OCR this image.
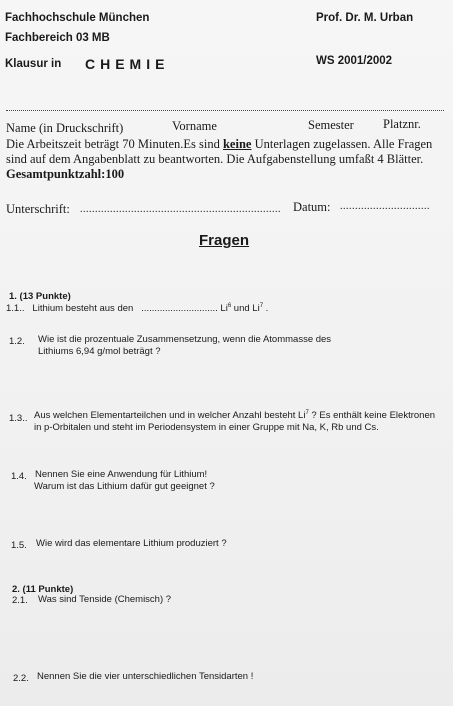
Fachhochschule München
Fachbereich 03 MB
Klausur in CHEMIE
Prof. Dr. M. Urban
WS 2001/2002
Name (in Druckschrift)	Vorname	Semester Platznr.
Die Arbeitszeit beträgt 70 Minuten.Es sind keine Unterlagen zugelassen. Alle Fragen sind auf dem Angabenblatt zu beantworten. Die Aufgabenstellung umfaßt 4 Blätter. Gesamtpunktzahl:100
Unterschrift: ................................................................... Datum: ..............................
Fragen
1. (13 Punkte)
1.1.. Lithium besteht aus den ............................. Li$^6$ und Li$^7$ .
1.2. Wie ist die prozentuale Zusammensetzung, wenn die Atommasse des
Lithiums 6,94 g/mol beträgt ?
1.3.. Aus welchen Elementarteilchen und in welcher Anzahl besteht Li$^7$ ? Es enthält keine Elektronen
in p-Orbitalen und steht im Periodensystem in einer Gruppe mit Na, K, Rb und Cs.
1.4. Nennen Sie eine Anwendung für Lithium!
Warum ist das Lithium dafür gut geeignet ?
1.5. Wie wird das elementare Lithium produziert ?
2. (11 Punkte)
2.1. Was sind Tenside (Chemisch) ?
2.2. Nennen Sie die vier unterschiedlichen Tensidarten !
